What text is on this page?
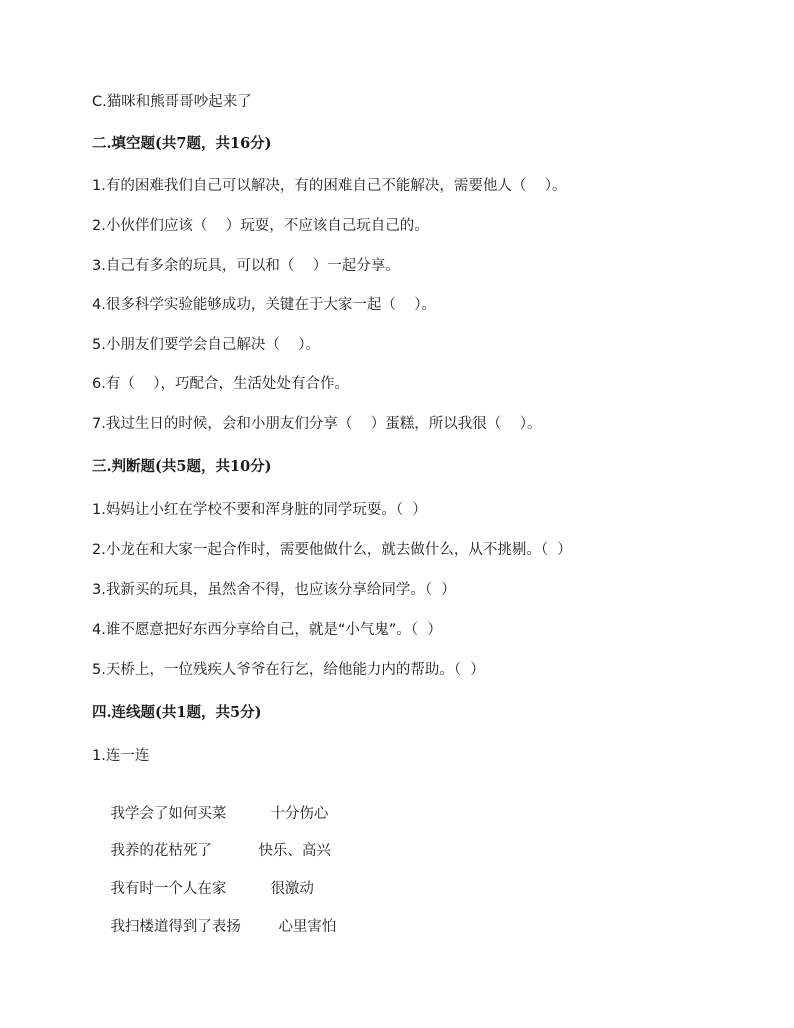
C.猫咪和熊哥哥吵起来了
二.填空题(共7题，共16分)
1.有的困难我们自己可以解决，有的困难自己不能解决，需要他人（    ）。
2.小伙伴们应该（    ）玩耍，不应该自己玩自己的。
3.自己有多余的玩具，可以和（    ）一起分享。
4.很多科学实验能够成功，关键在于大家一起（    ）。
5.小朋友们要学会自己解决（    ）。
6.有（    ），巧配合，生活处处有合作。
7.我过生日的时候，会和小朋友们分享（    ）蛋糕，所以我很（    ）。
三.判断题(共5题，共10分)
1.妈妈让小红在学校不要和浑身脏的同学玩耍。（  ）
2.小龙在和大家一起合作时，需要他做什么，就去做什么，从不挑剔。（  ）
3.我新买的玩具，虽然舍不得，也应该分享给同学。（  ）
4.谁不愿意把好东西分享给自己，就是“小气鬼”。（  ）
5.天桥上，一位残疾人爷爷在行乞，给他能力内的帮助。（  ）
四.连线题(共1题，共5分)
1.连一连

我学会了如何买菜	十分伤心

我养的花枯死了	快乐、高兴

我有时一个人在家	很激动

我扫楼道得到了表扬	心里害怕
